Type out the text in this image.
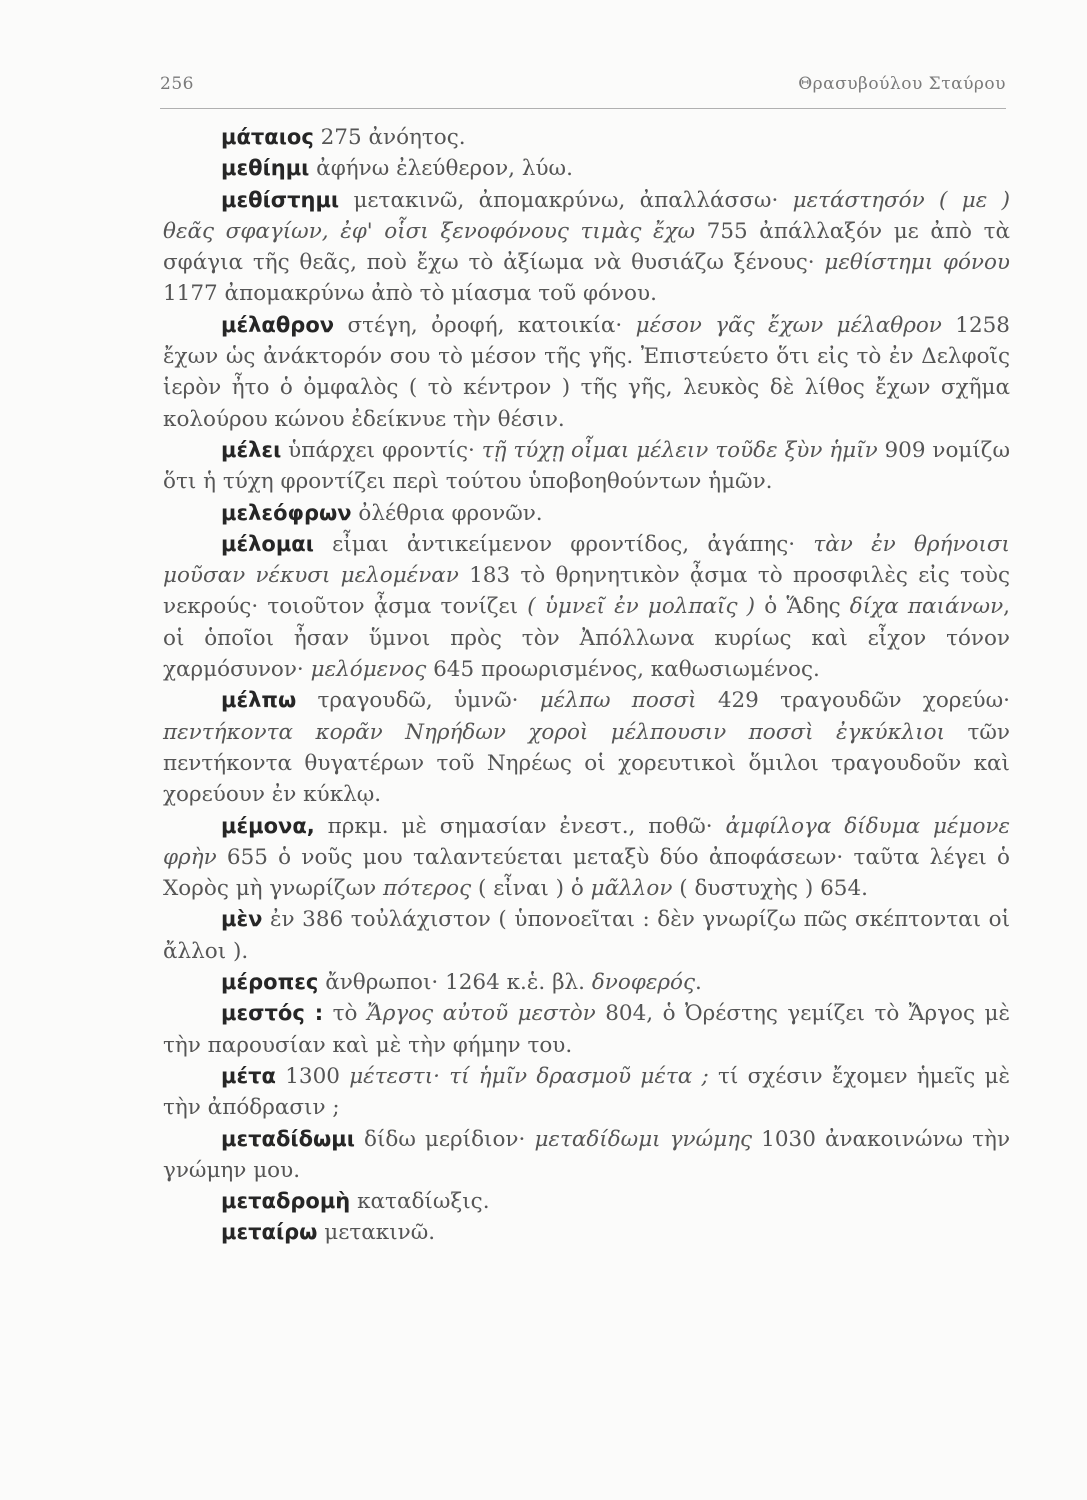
256	Θρασυβούλου Σταύρου

μάταιος 275 ἀνόητος.

μεθίημι ἀφήνω ἐλεύθερον, λύω.

μεθίστημι μετακινῶ, ἀπομακρύνω, ἀπαλλάσσω· μετάστησόν ( με ) θεᾶς σφαγίων, ἐφ' οἷσι ξενοφόνους τιμὰς ἔχω 755 ἀπάλλαξόν με ἀπὸ τὰ σφάγια τῆς θεᾶς, ποὺ ἔχω τὸ ἀξίωμα νὰ θυσιάζω ξένους· μεθίστημι φόνου 1177 ἀπομακρύνω ἀπὸ τὸ μίασμα τοῦ φόνου.

μέλαθρον στέγη, ὀροφή, κατοικία· μέσον γᾶς ἔχων μέλαθρον 1258 ἔχων ὡς ἀνάκτορόν σου τὸ μέσον τῆς γῆς. Ἐπιστεύετο ὅτι εἰς τὸ ἐν Δελφοῖς ἱερὸν ἦτο ὁ ὀμφαλὸς ( τὸ κέντρον ) τῆς γῆς, λευκὸς δὲ λίθος ἔχων σχῆμα κολούρου κώνου ἐδείκνυε τὴν θέσιν.

μέλει ὑπάρχει φροντίς· τῇ τύχῃ οἶμαι μέλειν τοῦδε ξὺν ἡμῖν 909 νομίζω ὅτι ἡ τύχη φροντίζει περὶ τούτου ὑποβοηθούντων ἡμῶν.

μελεόφρων ὀλέθρια φρονῶν.

μέλομαι εἶμαι ἀντικείμενον φροντίδος, ἀγάπης· τὰν ἐν θρήνοισι μοῦσαν νέκυσι μελομέναν 183 τὸ θρηνητικὸν ᾆσμα τὸ προσφιλὲς εἰς τοὺς νεκρούς· τοιοῦτον ᾆσμα τονίζει ( ὑμνεῖ ἐν μολπαῖς ) ὁ Ἅδης δίχα παιάνων, οἱ ὁποῖοι ἦσαν ὕμνοι πρὸς τὸν Ἀπόλλωνα κυρίως καὶ εἶχον τόνον χαρμόσυνον· μελόμενος 645 προωρισμένος, καθωσιωμένος.

μέλπω τραγουδῶ, ὑμνῶ· μέλπω ποσσὶ 429 τραγουδῶν χορεύω· πεντήκοντα κορᾶν Νηρήδων χοροὶ μέλπουσιν ποσσὶ ἐγκύκλιοι τῶν πεντήκοντα θυγατέρων τοῦ Νηρέως οἱ χορευτικοὶ ὅμιλοι τραγουδοῦν καὶ χορεύουν ἐν κύκλῳ.

μέμονα, πρκμ. μὲ σημασίαν ἐνεστ., ποθῶ· ἀμφίλογα δίδυμα μέμονε φρὴν 655 ὁ νοῦς μου ταλαντεύεται μεταξὺ δύο ἀποφάσεων· ταῦτα λέγει ὁ Χορὸς μὴ γνωρίζων πότερος ( εἶναι ) ὁ μᾶλλον ( δυστυχὴς ) 654.

μὲν ἐν 386 τοὐλάχιστον ( ὑπονοεῖται : δὲν γνωρίζω πῶς σκέπτονται οἱ ἄλλοι ).

μέροπες ἄνθρωποι· 1264 κ.ἑ. βλ. δνοφερός.

μεστός : τὸ Ἄργος αὐτοῦ μεστὸν 804, ὁ Ὀρέστης γεμίζει τὸ Ἄργος μὲ τὴν παρουσίαν καὶ μὲ τὴν φήμην του.

μέτα 1300 μέτεστι· τί ἡμῖν δρασμοῦ μέτα ; τί σχέσιν ἔχομεν ἡμεῖς μὲ τὴν ἀπόδρασιν ;

μεταδίδωμι δίδω μερίδιον· μεταδίδωμι γνώμης 1030 ἀνακοινώνω τὴν γνώμην μου.

μεταδρομὴ καταδίωξις.

μεταίρω μετακινῶ.
